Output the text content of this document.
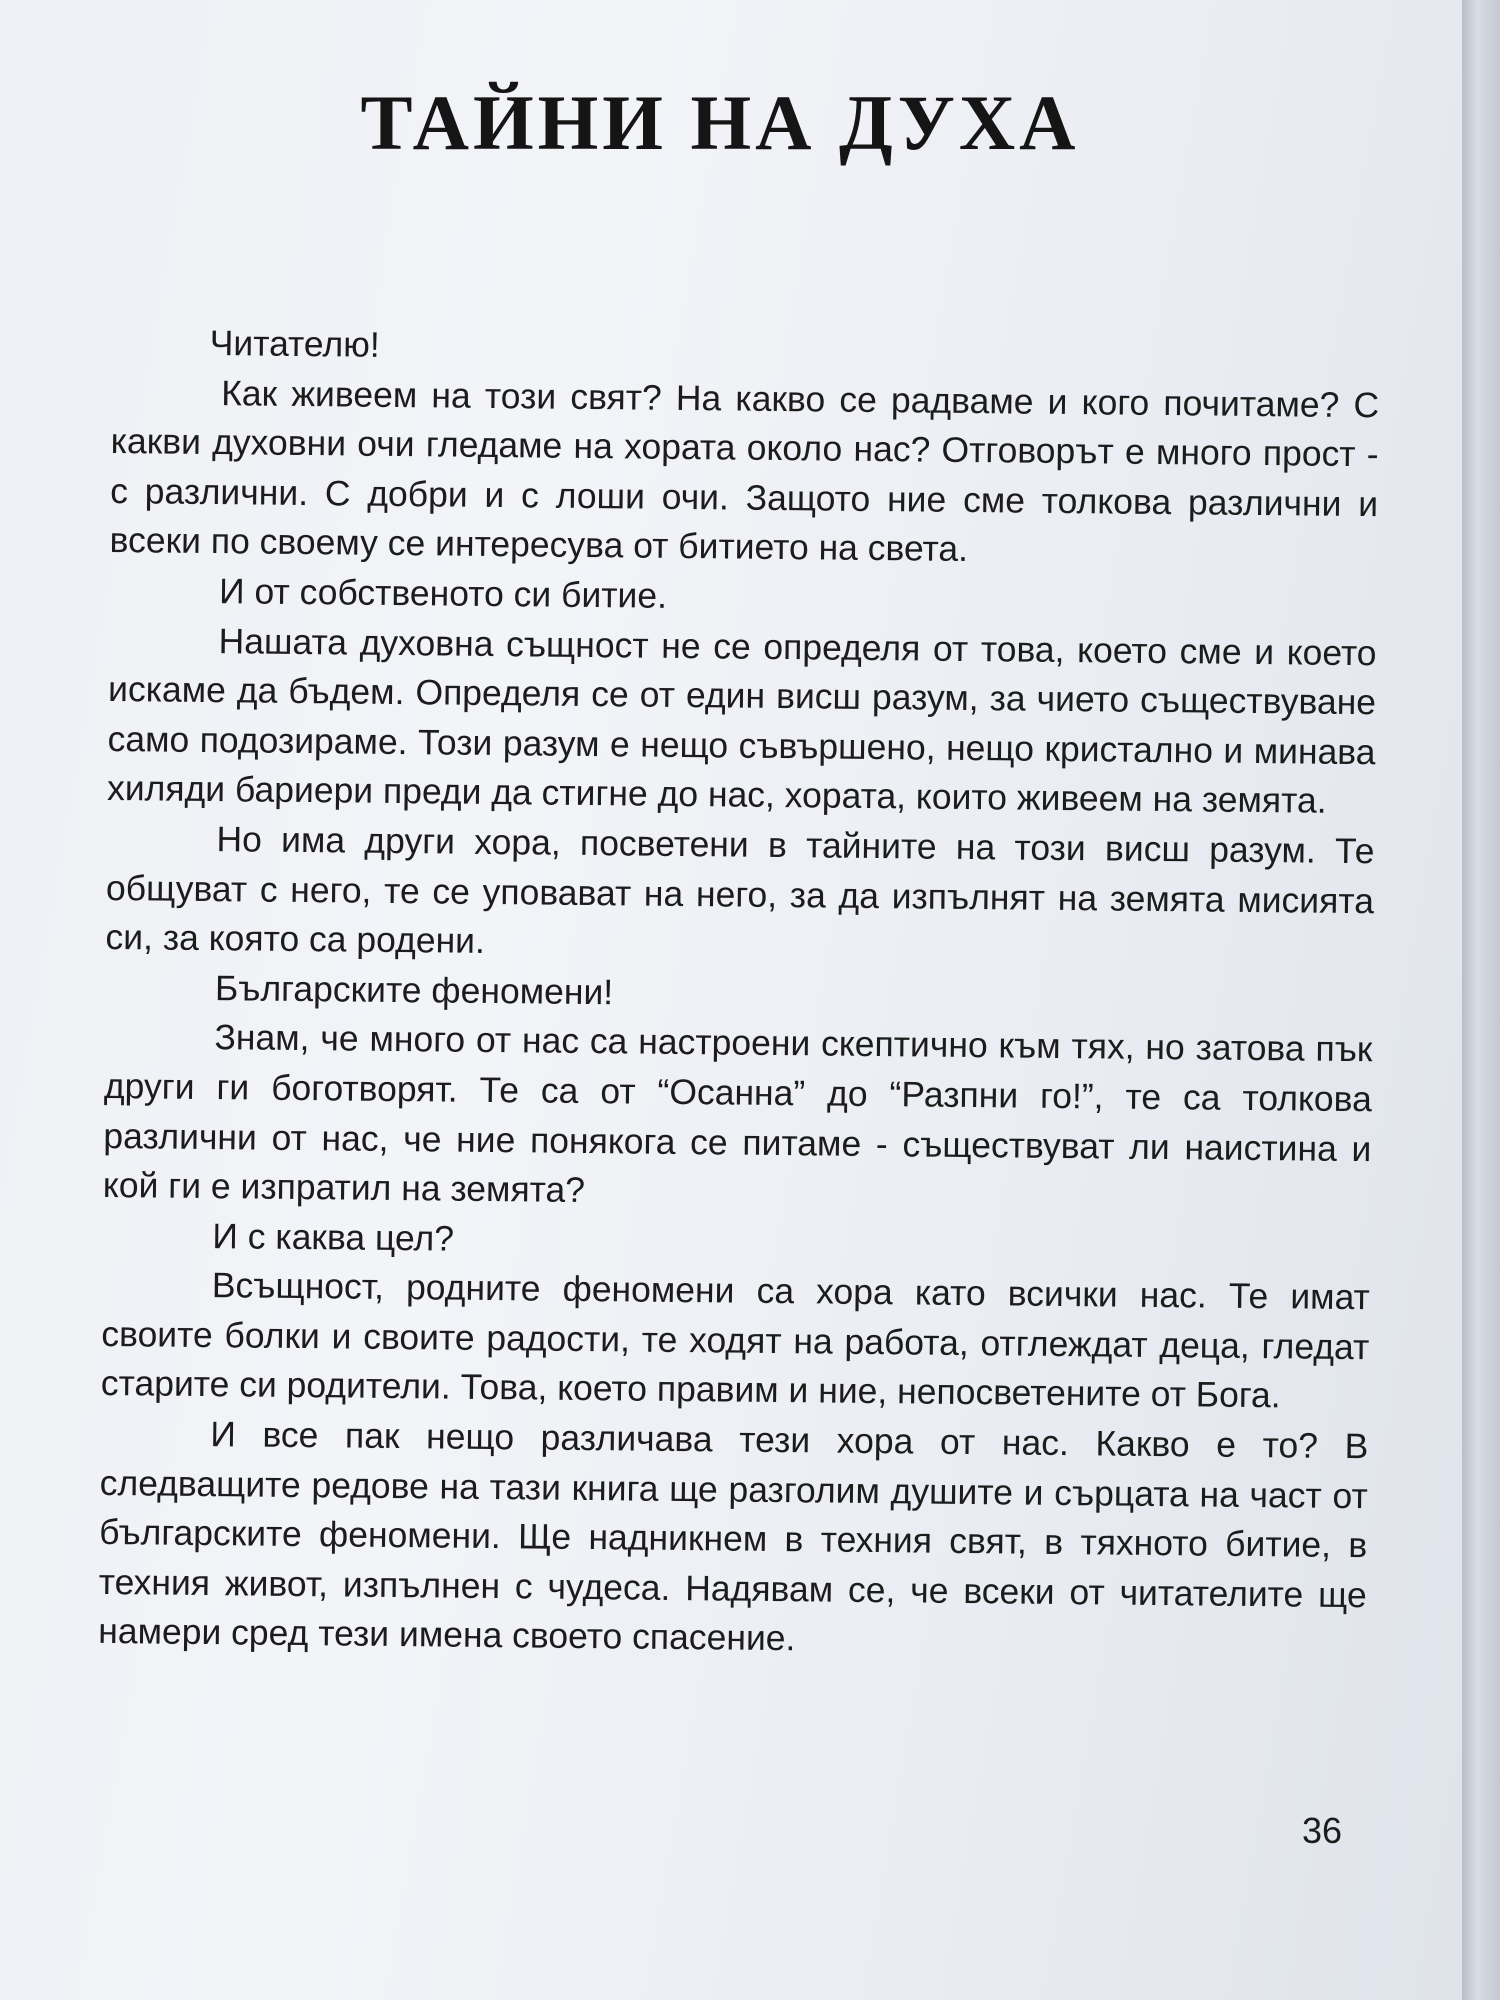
ТАЙНИ НА ДУХА

Читателю!

Как живеем на този свят? На какво се радваме и кого почитаме? С какви духовни очи гледаме на хората около нас? Отговорът е много прост - с различни. С добри и с лоши очи. Защото ние сме толкова различни и всеки по своему се интересува от битието на света.

И от собственото си битие.

Нашата духовна същност не се определя от това, което сме и което искаме да бъдем. Определя се от един висш разум, за чието съществуване само подозираме. Този разум е нещо съвършено, нещо кристално и минава хиляди бариери преди да стигне до нас, хората, които живеем на земята.

Но има други хора, посветени в тайните на този висш разум. Те общуват с него, те се уповават на него, за да изпълнят на земята мисията си, за която са родени.

Българските феномени!

Знам, че много от нас са настроени скептично към тях, но затова пък други ги боготворят. Те са от “Осанна” до “Разпни го!”, те са толкова различни от нас, че ние понякога се питаме - съществуват ли наистина и кой ги е изпратил на земята?

И с каква цел?

Всъщност, родните феномени са хора като всички нас. Те имат своите болки и своите радости, те ходят на работа, отглеждат деца, гледат старите си родители. Това, което правим и ние, непосветените от Бога.

И все пак нещо различава тези хора от нас. Какво е то? В следващите редове на тази книга ще разголим душите и сърцата на част от българските феномени. Ще надникнем в техния свят, в тяхното битие, в техния живот, изпълнен с чудеса. Надявам се, че всеки от читателите ще намери сред тези имена своето спасение.

36
